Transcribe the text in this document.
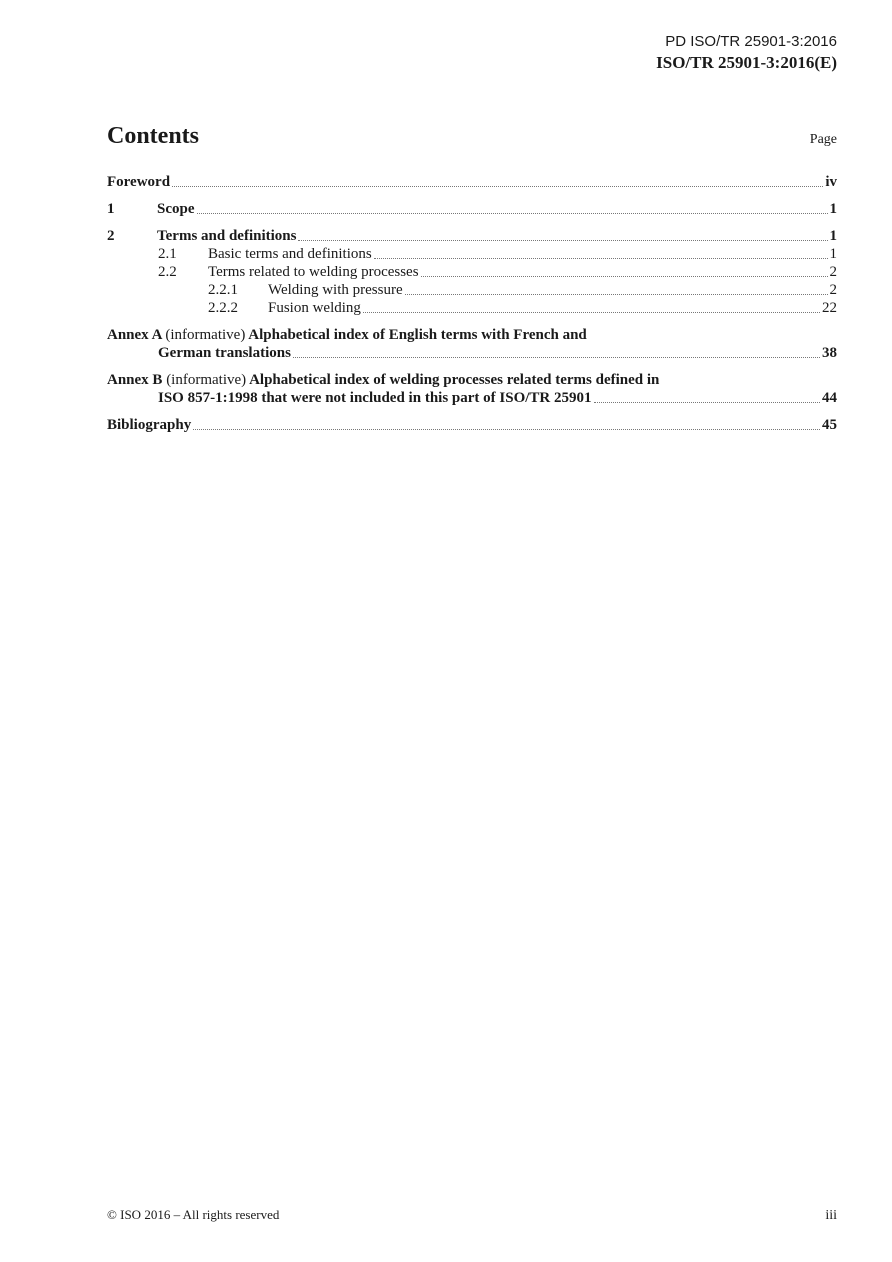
PD ISO/TR 25901-3:2016
ISO/TR 25901-3:2016(E)
Contents	Page
Foreword	iv
1	Scope	1
2	Terms and definitions	1
2.1	Basic terms and definitions	1
2.2	Terms related to welding processes	2
2.2.1	Welding with pressure	2
2.2.2	Fusion welding	22
Annex A (informative) Alphabetical index of English terms with French and
German translations	38
Annex B (informative) Alphabetical index of welding processes related terms defined in
ISO 857-1:1998 that were not included in this part of ISO/TR 25901	44
Bibliography	45
© ISO 2016 – All rights reserved	iii
